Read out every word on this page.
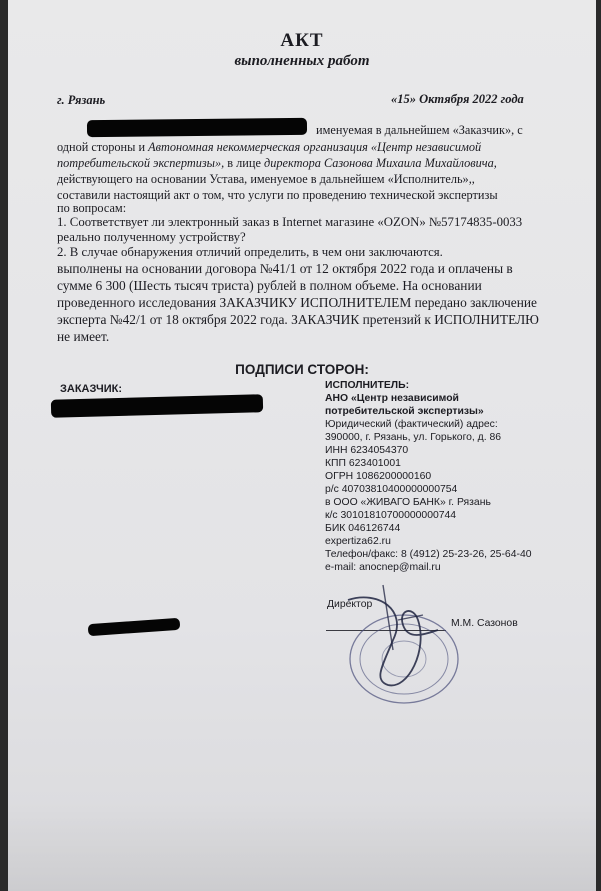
АКТ
выполненных работ
г. Рязань	«15» Октября 2022 года
именуемая в дальнейшем «Заказчик», с
одной стороны и Автономная некоммерческая организация «Центр независимой
потребительской экспертизы», в лице директора Сазонова Михаила Михайловича,
действующего на основании Устава, именуемое в дальнейшем «Исполнитель»,,
составили настоящий акт о том, что услуги по проведению технической экспертизы
по вопросам:
1. Соответствует ли электронный заказ в Internet магазине «OZON» №57174835-0033
реально полученному устройству?
2. В случае обнаружения отличий определить, в чем они заключаются.
выполнены на основании договора №41/1 от 12 октября 2022 года и оплачены в
сумме 6 300 (Шесть тысяч триста) рублей в полном объеме. На основании
проведенного исследования ЗАКАЗЧИКУ ИСПОЛНИТЕЛЕМ передано заключение
эксперта №42/1 от 18 октября 2022 года. ЗАКАЗЧИК претензий к ИСПОЛНИТЕЛЮ
не имеет.
ПОДПИСИ СТОРОН:
ЗАКАЗЧИК:	ИСПОЛНИТЕЛЬ:
АНО «Центр независимой
потребительской экспертизы»
Юридический (фактический) адрес:
390000, г. Рязань, ул. Горького, д. 86
ИНН 6234054370
КПП 623401001
ОГРН 1086200000160
р/с 40703810400000000754
в ООО «ЖИВАГО БАНК» г. Рязань
к/с 30101810700000000744
БИК 046126744
expertiza62.ru
Телефон/факс: 8 (4912) 25-23-26, 25-64-40
e-mail: anocnep@mail.ru
Директор
М.М. Сазонов
